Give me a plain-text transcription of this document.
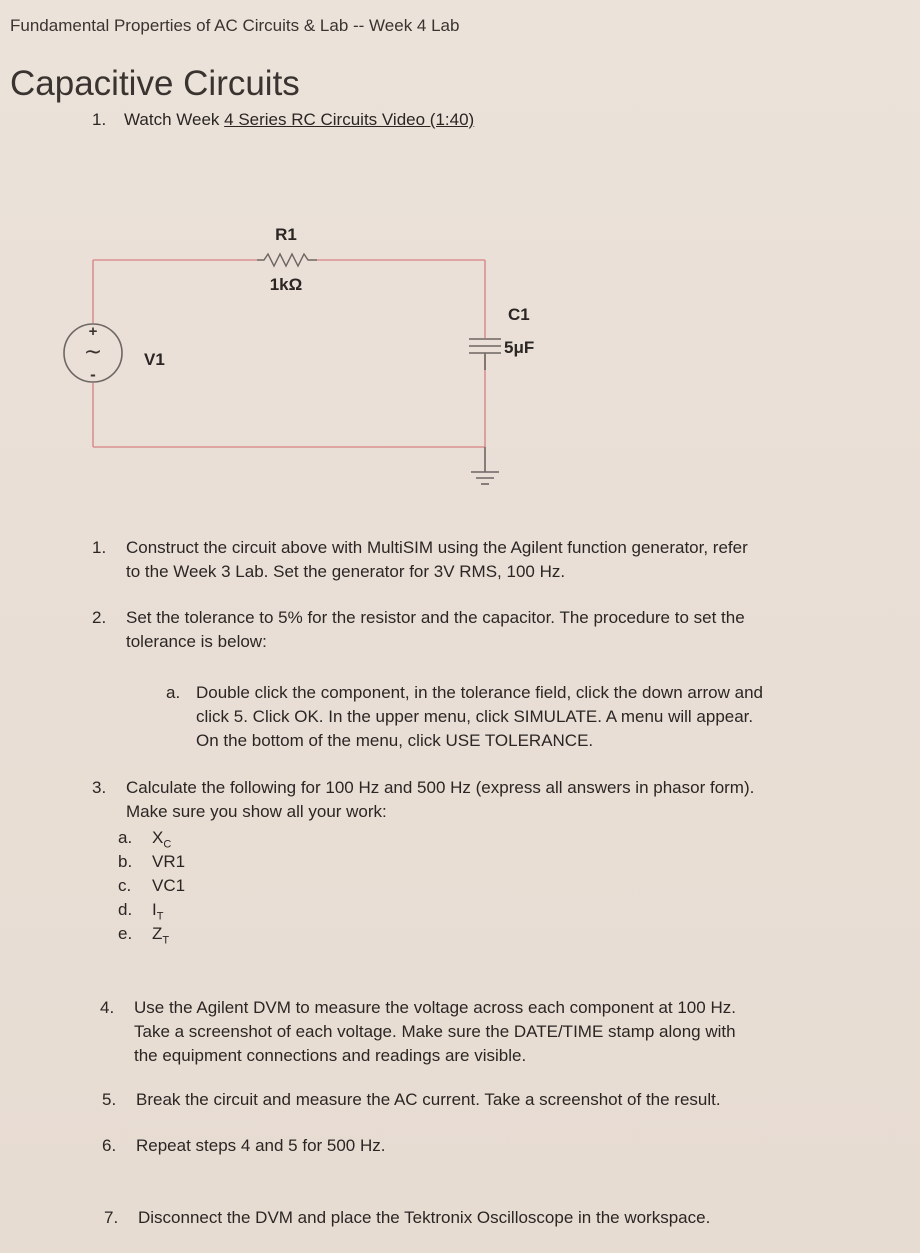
Fundamental Properties of AC Circuits & Lab -- Week 4 Lab
Capacitive Circuits
1. Watch Week 4 Series RC Circuits Video (1:40)
+
~
-
R1
1kΩ
C1
5μF
V1
1. Construct the circuit above with MultiSIM using the Agilent function generator, refer
to the Week 3 Lab. Set the generator for 3V RMS, 100 Hz.
2. Set the tolerance to 5% for the resistor and the capacitor. The procedure to set the
tolerance is below:
a. Double click the component, in the tolerance field, click the down arrow and
click 5. Click OK. In the upper menu, click SIMULATE. A menu will appear.
On the bottom of the menu, click USE TOLERANCE.
3. Calculate the following for 100 Hz and 500 Hz (express all answers in phasor form).
Make sure you show all your work:
a. $X_C$
b. VR1
c. VC1
d. $I_T$
e. $Z_T$
4. Use the Agilent DVM to measure the voltage across each component at 100 Hz.
Take a screenshot of each voltage. Make sure the DATE/TIME stamp along with
the equipment connections and readings are visible.
5. Break the circuit and measure the AC current. Take a screenshot of the result.
6. Repeat steps 4 and 5 for 500 Hz.
7. Disconnect the DVM and place the Tektronix Oscilloscope in the workspace.
